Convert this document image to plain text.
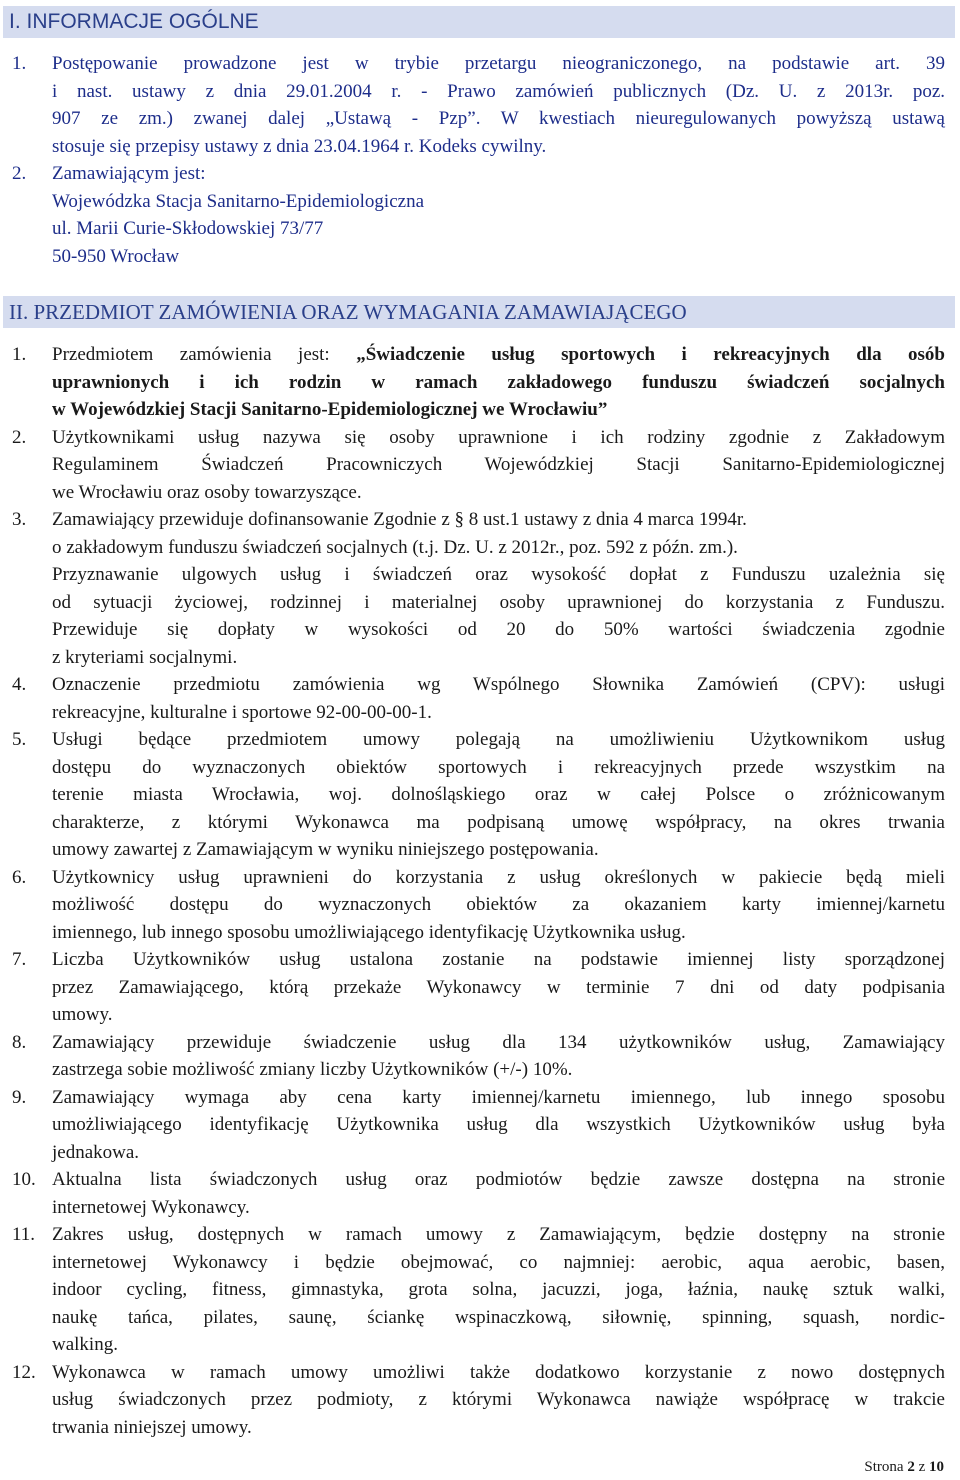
I. INFORMACJE OGÓLNE
1.	Postępowanie prowadzone jest w trybie przetargu nieograniczonego, na podstawie art. 39
i nast. ustawy z dnia 29.01.2004 r. - Prawo zamówień publicznych (Dz. U. z 2013r. poz.
907 ze zm.) zwanej dalej „Ustawą - Pzp”. W kwestiach nieuregulowanych powyższą ustawą
stosuje się przepisy ustawy z dnia 23.04.1964 r. Kodeks cywilny.
2.	Zamawiającym jest:
Wojewódzka Stacja Sanitarno-Epidemiologiczna
ul. Marii Curie-Skłodowskiej 73/77
50-950 Wrocław
II. PRZEDMIOT ZAMÓWIENIA ORAZ WYMAGANIA ZAMAWIAJĄCEGO
1.	Przedmiotem zamówienia jest: „Świadczenie usług sportowych i rekreacyjnych dla osób
uprawnionych i ich rodzin w ramach zakładowego funduszu świadczeń socjalnych
w Wojewódzkiej Stacji Sanitarno-Epidemiologicznej we Wrocławiu”
2.	Użytkownikami usług nazywa się osoby uprawnione i ich rodziny zgodnie z Zakładowym
Regulaminem Świadczeń Pracowniczych Wojewódzkiej Stacji Sanitarno-Epidemiologicznej
we Wrocławiu oraz osoby towarzyszące.
3.	Zamawiający przewiduje dofinansowanie Zgodnie z § 8 ust.1 ustawy z dnia 4 marca 1994r.
o zakładowym funduszu świadczeń socjalnych (t.j. Dz. U. z 2012r., poz. 592 z późn. zm.).
Przyznawanie ulgowych usług i świadczeń oraz wysokość dopłat z Funduszu uzależnia się
od sytuacji życiowej, rodzinnej i materialnej osoby uprawnionej do korzystania z Funduszu.
Przewiduje się dopłaty w wysokości od 20 do 50% wartości świadczenia zgodnie
z kryteriami socjalnymi.
4.	Oznaczenie przedmiotu zamówienia wg Wspólnego Słownika Zamówień (CPV): usługi
rekreacyjne, kulturalne i sportowe 92-00-00-00-1.
5.	Usługi będące przedmiotem umowy polegają na umożliwieniu Użytkownikom usług
dostępu do wyznaczonych obiektów sportowych i rekreacyjnych przede wszystkim na
terenie miasta Wrocławia, woj. dolnośląskiego oraz w całej Polsce o zróżnicowanym
charakterze, z którymi Wykonawca ma podpisaną umowę współpracy, na okres trwania
umowy zawartej z Zamawiającym w wyniku niniejszego postępowania.
6.	Użytkownicy usług uprawnieni do korzystania z usług określonych w pakiecie będą mieli
możliwość dostępu do wyznaczonych obiektów za okazaniem karty imiennej/karnetu
imiennego, lub innego sposobu umożliwiającego identyfikację Użytkownika usług.
7.	Liczba Użytkowników usług ustalona zostanie na podstawie imiennej listy sporządzonej
przez Zamawiającego, którą przekaże Wykonawcy w terminie 7 dni od daty podpisania
umowy.
8.	Zamawiający przewiduje świadczenie usług dla 134 użytkowników usług, Zamawiający
zastrzega sobie możliwość zmiany liczby Użytkowników (+/-) 10%.
9.	Zamawiający wymaga aby cena karty imiennej/karnetu imiennego, lub innego sposobu
umożliwiającego identyfikację Użytkownika usług dla wszystkich Użytkowników usług była
jednakowa.
10. Aktualna lista świadczonych usług oraz podmiotów będzie zawsze dostępna na stronie
internetowej Wykonawcy.
11. Zakres usług, dostępnych w ramach umowy z Zamawiającym, będzie dostępny na stronie
internetowej Wykonawcy i będzie obejmować, co najmniej: aerobic, aqua aerobic, basen,
indoor cycling, fitness, gimnastyka, grota solna, jacuzzi, joga, łaźnia, naukę sztuk walki,
naukę tańca, pilates, saunę, ściankę wspinaczkową, siłownię, spinning, squash, nordic-
walking.
12. Wykonawca w ramach umowy umożliwi także dodatkowo korzystanie z nowo dostępnych
usług świadczonych przez podmioty, z którymi Wykonawca nawiąże współpracę w trakcie
trwania niniejszej umowy.
Strona 2 z 10
